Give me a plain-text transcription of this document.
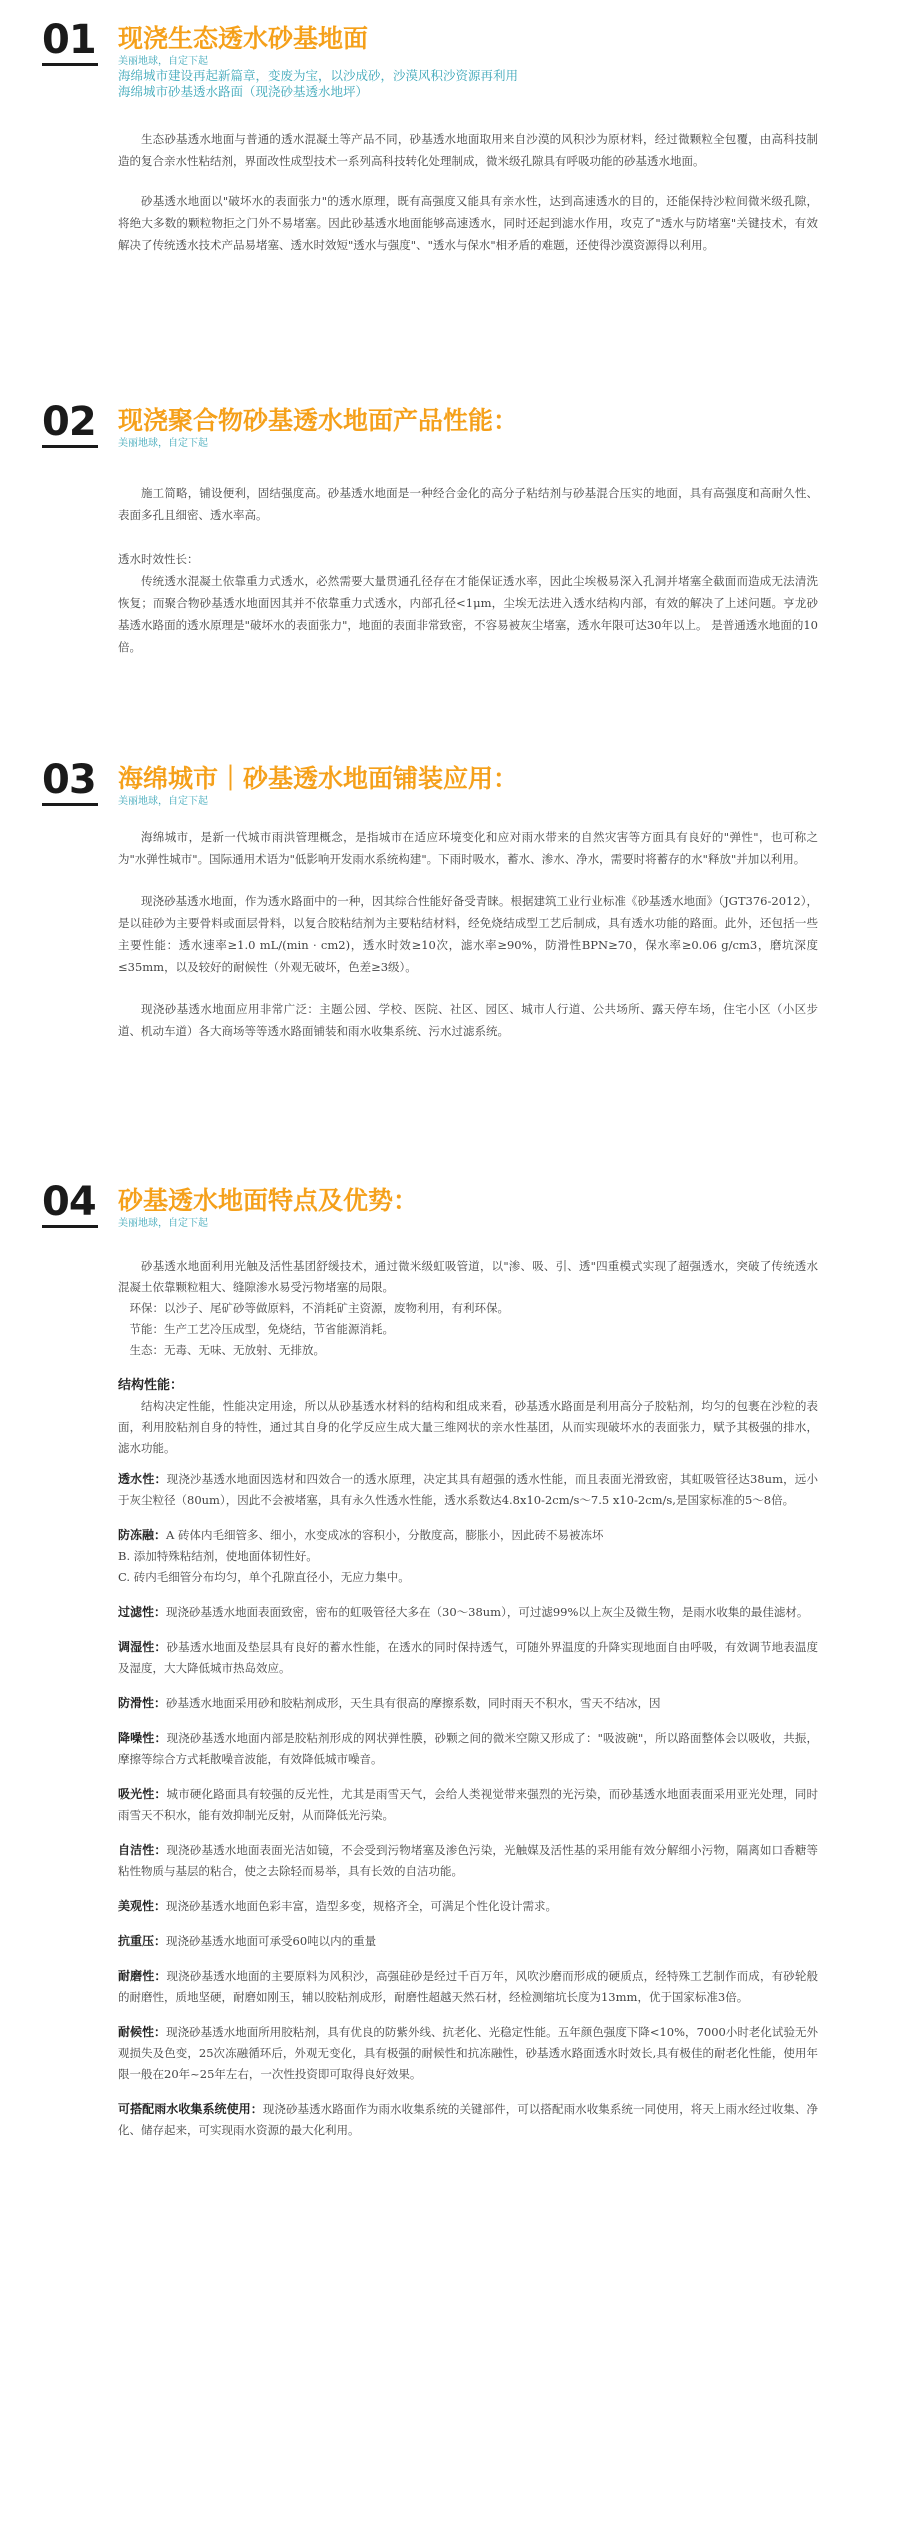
01 现浇生态透水砂基地面
美丽地球，自定下起
海绵城市建设再起新篇章，变废为宝，以沙成砂，沙漠风积沙资源再利用
海绵城市砂基透水路面（现浇砂基透水地坪）

生态砂基透水地面与普通的透水混凝土等产品不同，砂基透水地面取用来自沙漠的风积沙为原材料，经过微颗粒全包覆，由高科技制造的复合亲水性粘结剂，界面改性成型技术一系列高科技转化处理制成，微米级孔隙具有呼吸功能的砂基透水地面。

砂基透水地面以"破坏水的表面张力"的透水原理，既有高强度又能具有亲水性，达到高速透水的目的，还能保持沙粒间微米级孔隙，将绝大多数的颗粒物拒之门外不易堵塞。因此砂基透水地面能够高速透水，同时还起到滤水作用，攻克了"透水与防堵塞"关键技术，有效解决了传统透水技术产品易堵塞、透水时效短"透水与强度"、"透水与保水"相矛盾的难题，还使得沙漠资源得以利用。

02 现浇聚合物砂基透水地面产品性能：
美丽地球，自定下起

施工简略，铺设便利，固结强度高。砂基透水地面是一种经合金化的高分子粘结剂与砂基混合压实的地面，具有高强度和高耐久性、表面多孔且细密、透水率高。

透水时效性长：

传统透水混凝土依靠重力式透水，必然需要大量贯通孔径存在才能保证透水率，因此尘埃极易深入孔洞并堵塞全截面而造成无法清洗恢复；而聚合物砂基透水地面因其并不依靠重力式透水，内部孔径<1μm，尘埃无法进入透水结构内部，有效的解决了上述问题。亨龙砂基透水路面的透水原理是"破坏水的表面张力"，地面的表面非常致密，不容易被灰尘堵塞，透水年限可达30年以上。 是普通透水地面的10倍。

03 海绵城市｜砂基透水地面铺装应用：
美丽地球，自定下起

海绵城市，是新一代城市雨洪管理概念，是指城市在适应环境变化和应对雨水带来的自然灾害等方面具有良好的"弹性"，也可称之为"水弹性城市"。国际通用术语为"低影响开发雨水系统构建"。下雨时吸水，蓄水、渗水、净水，需要时将蓄存的水"释放"并加以利用。

现浇砂基透水地面，作为透水路面中的一种，因其综合性能好备受青睐。根据建筑工业行业标准《砂基透水地面》（JGT376-2012），是以硅砂为主要骨料或面层骨料，以复合胶粘结剂为主要粘结材料，经免烧结成型工艺后制成，具有透水功能的路面。此外，还包括一些主要性能：透水速率≥1.0 mL/(min · cm2)，透水时效≥10次，滤水率≥90%，防滑性BPN≥70，保水率≥0.06 g/cm3，磨坑深度≤35mm，以及较好的耐候性（外观无破坏，色差≥3级）。

现浇砂基透水地面应用非常广泛：主题公园、学校、医院、社区、园区、城市人行道、公共场所、露天停车场，住宅小区（小区步道、机动车道）各大商场等等透水路面铺装和雨水收集系统、污水过滤系统。

04 砂基透水地面特点及优势：
美丽地球，自定下起

砂基透水地面利用光触及活性基团舒缓技术，通过微米级虹吸管道，以"渗、吸、引、透"四重模式实现了超强透水，突破了传统透水混凝土依靠颗粒粗大、缝隙渗水易受污物堵塞的局限。

环保：以沙子、尾矿砂等做原料，不消耗矿主资源，废物利用，有利环保。

节能：生产工艺冷压成型，免烧结，节省能源消耗。

生态：无毒、无味、无放射、无排放。

结构性能：

结构决定性能，性能决定用途，所以从砂基透水材料的结构和组成来看，砂基透水路面是利用高分子胶粘剂，均匀的包裹在沙粒的表面，利用胶粘剂自身的特性，通过其自身的化学反应生成大量三维网状的亲水性基团，从而实现破坏水的表面张力，赋予其极强的排水，滤水功能。

透水性：现浇沙基透水地面因选材和四效合一的透水原理，决定其具有超强的透水性能，而且表面光滑致密，其虹吸管径达38um，远小于灰尘粒径（80um），因此不会被堵塞，具有永久性透水性能，透水系数达4.8x10-2cm/s～7.5 x10-2cm/s,是国家标准的5～8倍。

防冻融：A 砖体内毛细管多、细小，水变成冰的容积小，分散度高，膨胀小，因此砖不易被冻坏

B. 添加特殊粘结剂，使地面体韧性好。

C. 砖内毛细管分布均匀，单个孔隙直径小，无应力集中。

过滤性：现浇砂基透水地面表面致密，密布的虹吸管径大多在（30～38um），可过滤99%以上灰尘及微生物，是雨水收集的最佳滤材。

调湿性：砂基透水地面及垫层具有良好的蓄水性能，在透水的同时保持透气，可随外界温度的升降实现地面自由呼吸，有效调节地表温度及湿度，大大降低城市热岛效应。

防滑性：砂基透水地面采用砂和胶粘剂成形，天生具有很高的摩擦系数，同时雨天不积水，雪天不结冰，因

降噪性：现浇砂基透水地面内部是胶粘剂形成的网状弹性膜，砂颗之间的微米空隙又形成了："吸波碗"，所以路面整体会以吸收，共振，摩擦等综合方式耗散噪音波能，有效降低城市噪音。

吸光性：城市硬化路面具有较强的反光性，尤其是雨雪天气，会给人类视觉带来强烈的光污染，而砂基透水地面表面采用亚光处理，同时雨雪天不积水，能有效抑制光反射，从而降低光污染。

自洁性：现浇砂基透水地面表面光洁如镜，不会受到污物堵塞及渗色污染，光触媒及活性基的采用能有效分解细小污物，隔离如口香糖等粘性物质与基层的粘合，使之去除轻而易举，具有长效的自洁功能。

美观性：现浇砂基透水地面色彩丰富，造型多变，规格齐全，可满足个性化设计需求。

抗重压：现浇砂基透水地面可承受60吨以内的重量

耐磨性：现浇砂基透水地面的主要原料为风积沙，高强硅砂是经过千百万年，风吹沙磨而形成的硬质点，经特殊工艺制作而成，有砂轮般的耐磨性，质地坚硬，耐磨如刚玉，辅以胶粘剂成形，耐磨性超越天然石材，经检测缩坑长度为13mm，优于国家标准3倍。

耐候性：现浇砂基透水地面所用胶粘剂，具有优良的防紫外线、抗老化、光稳定性能。五年颜色强度下降<10%，7000小时老化试验无外观损失及色变，25次冻融循环后，外观无变化，具有极强的耐候性和抗冻融性，砂基透水路面透水时效长,具有极佳的耐老化性能，使用年限一般在20年~25年左右，一次性投资即可取得良好效果。

可搭配雨水收集系统使用：现浇砂基透水路面作为雨水收集系统的关键部件，可以搭配雨水收集系统一同使用，将天上雨水经过收集、净化、储存起来，可实现雨水资源的最大化利用。
